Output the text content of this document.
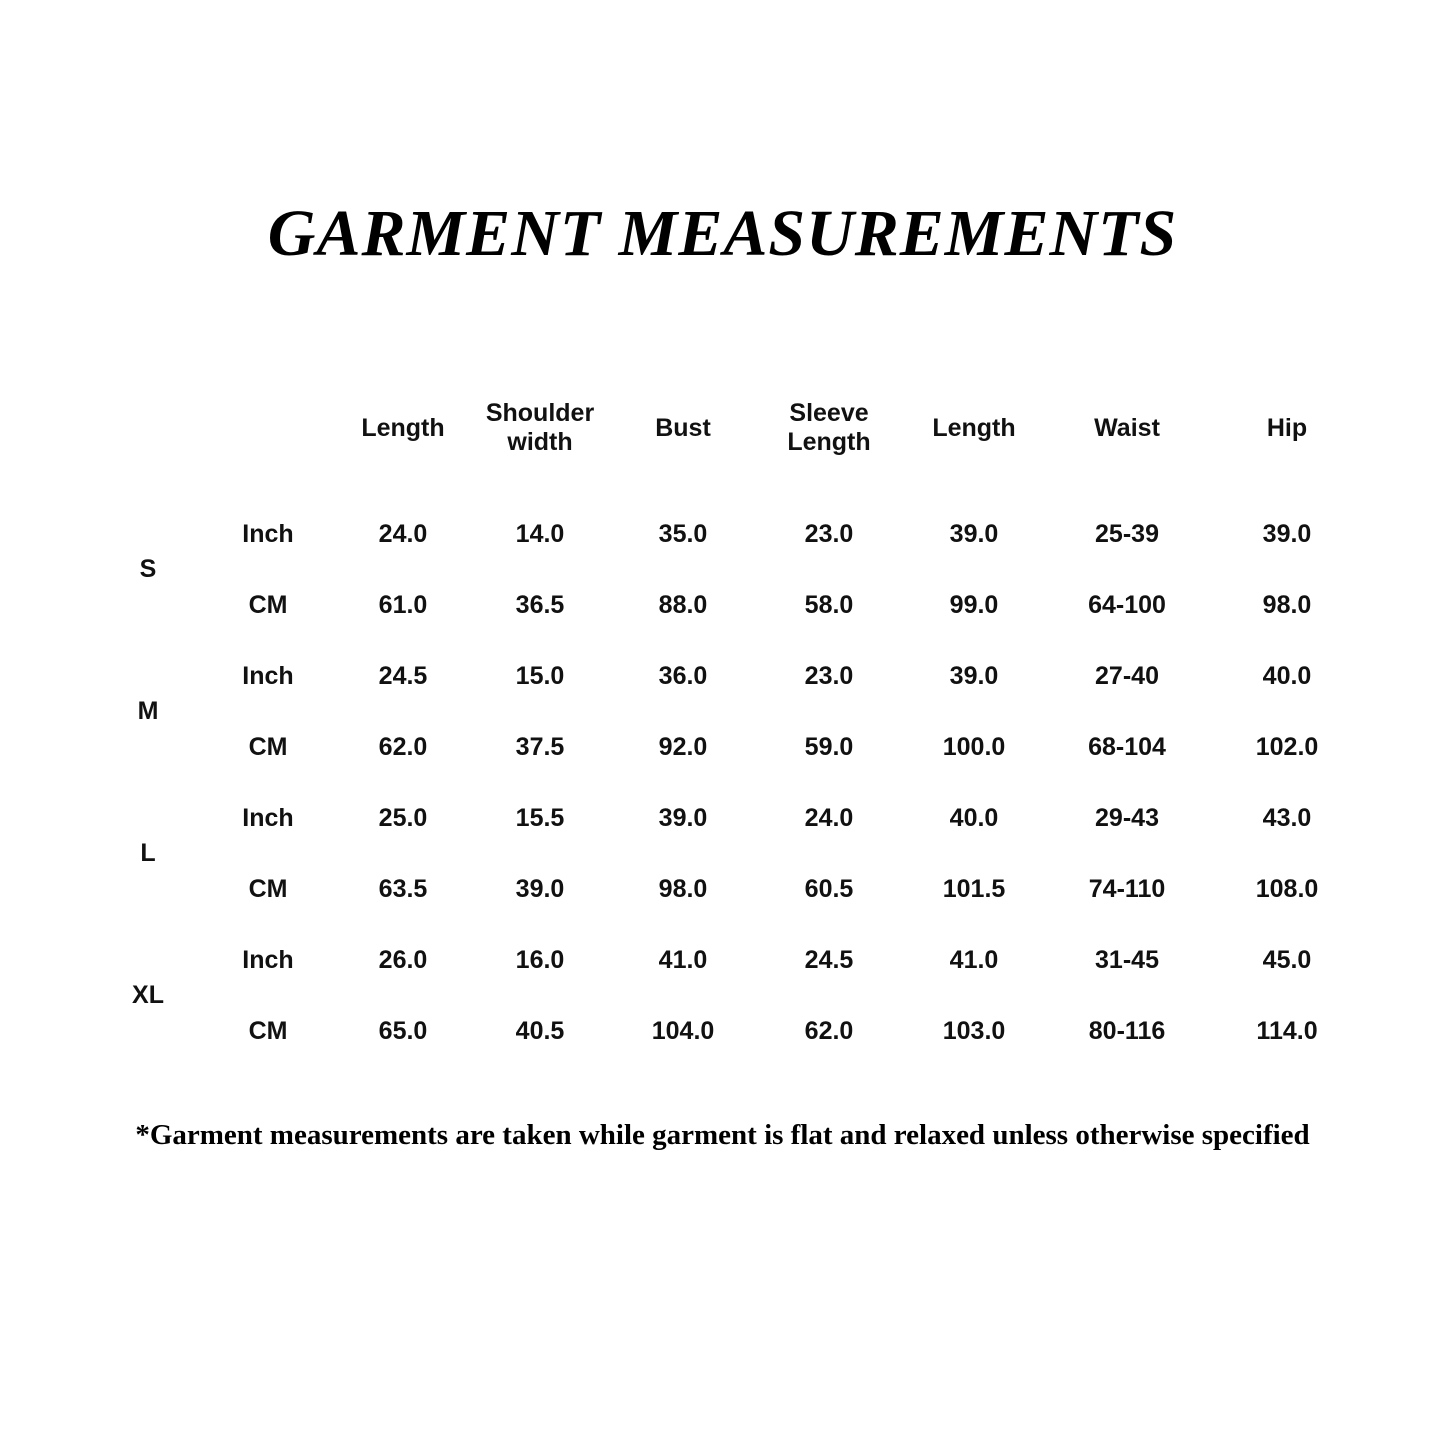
GARMENT MEASUREMENTS
Unit: $\frac{\text{Inch}}{CM}$		Length	Shoulder width	Bust	Sleeve Length	Length	Waist	Hip
S	Inch	24.0	14.0	35.0	23.0	39.0	25-39	39.0
	CM	61.0	36.5	88.0	58.0	99.0	64-100	98.0
M	Inch	24.5	15.0	36.0	23.0	39.0	27-40	40.0
	CM	62.0	37.5	92.0	59.0	100.0	68-104	102.0
L	Inch	25.0	15.5	39.0	24.0	40.0	29-43	43.0
	CM	63.5	39.0	98.0	60.5	101.5	74-110	108.0
XL	Inch	26.0	16.0	41.0	24.5	41.0	31-45	45.0
	CM	65.0	40.5	104.0	62.0	103.0	80-116	114.0
*Garment measurements are taken while garment is flat and relaxed unless otherwise specified
